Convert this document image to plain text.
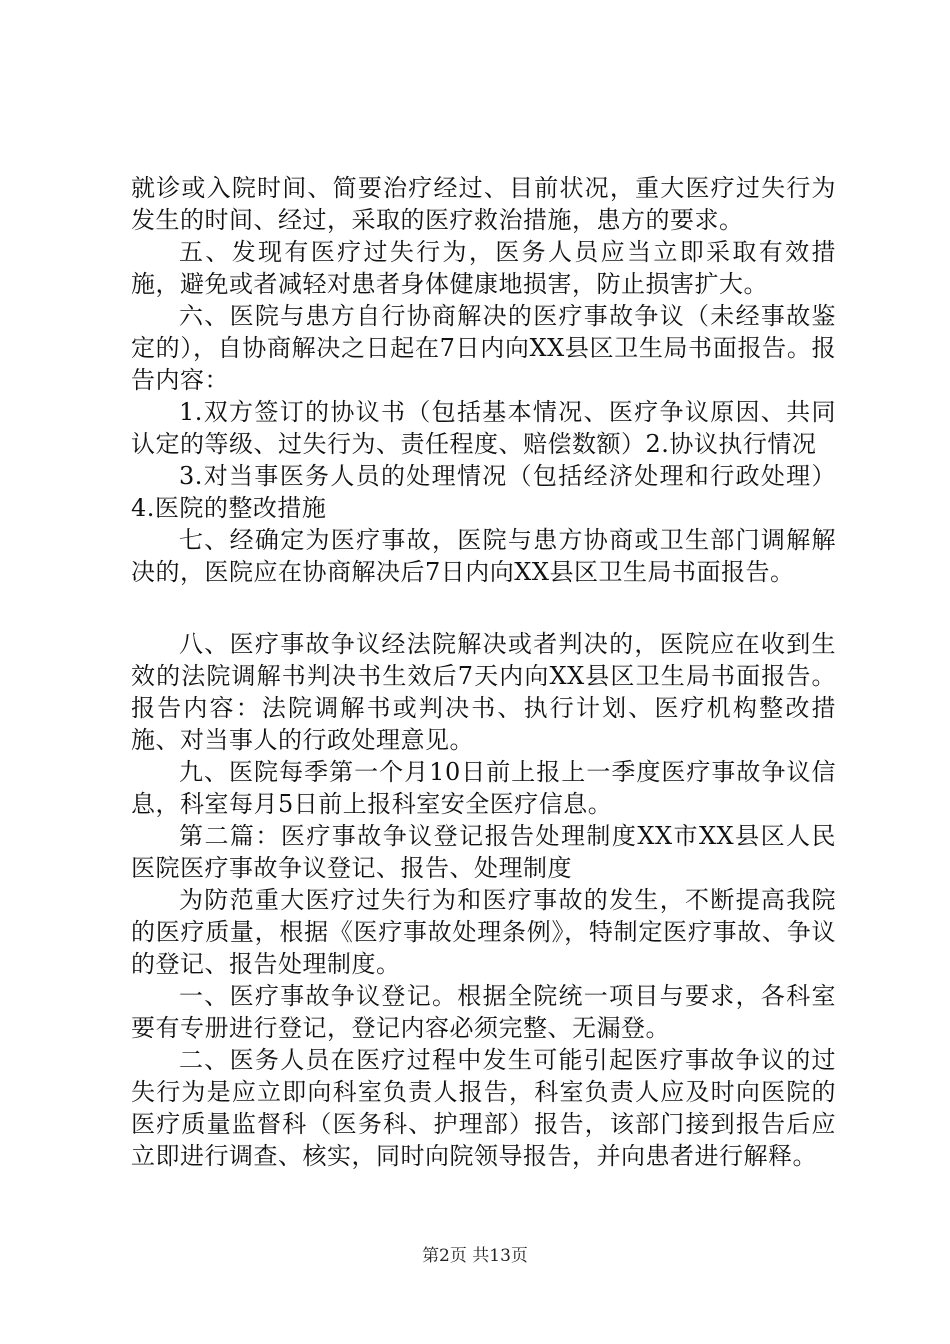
就诊或入院时间、简要治疗经过、目前状况，重大医疗过失行为发生的时间、经过，采取的医疗救治措施，患方的要求。

五、发现有医疗过失行为，医务人员应当立即采取有效措施，避免或者减轻对患者身体健康地损害，防止损害扩大。

六、医院与患方自行协商解决的医疗事故争议（未经事故鉴定的），自协商解决之日起在7日内向XX县区卫生局书面报告。报告内容：

1.双方签订的协议书（包括基本情况、医疗争议原因、共同认定的等级、过失行为、责任程度、赔偿数额）2.协议执行情况

3.对当事医务人员的处理情况（包括经济处理和行政处理）4.医院的整改措施

七、经确定为医疗事故，医院与患方协商或卫生部门调解解决的，医院应在协商解决后7日内向XX县区卫生局书面报告。

八、医疗事故争议经法院解决或者判决的，医院应在收到生效的法院调解书判决书生效后7天内向XX县区卫生局书面报告。报告内容：法院调解书或判决书、执行计划、医疗机构整改措施、对当事人的行政处理意见。

九、医院每季第一个月10日前上报上一季度医疗事故争议信息，科室每月5日前上报科室安全医疗信息。

第二篇：医疗事故争议登记报告处理制度XX市XX县区人民医院医疗事故争议登记、报告、处理制度

为防范重大医疗过失行为和医疗事故的发生，不断提高我院的医疗质量，根据《医疗事故处理条例》，特制定医疗事故、争议的登记、报告处理制度。

一、医疗事故争议登记。根据全院统一项目与要求，各科室要有专册进行登记，登记内容必须完整、无漏登。

二、医务人员在医疗过程中发生可能引起医疗事故争议的过失行为是应立即向科室负责人报告，科室负责人应及时向医院的医疗质量监督科（医务科、护理部）报告，该部门接到报告后应立即进行调查、核实，同时向院领导报告，并向患者进行解释。

第2页 共13页
